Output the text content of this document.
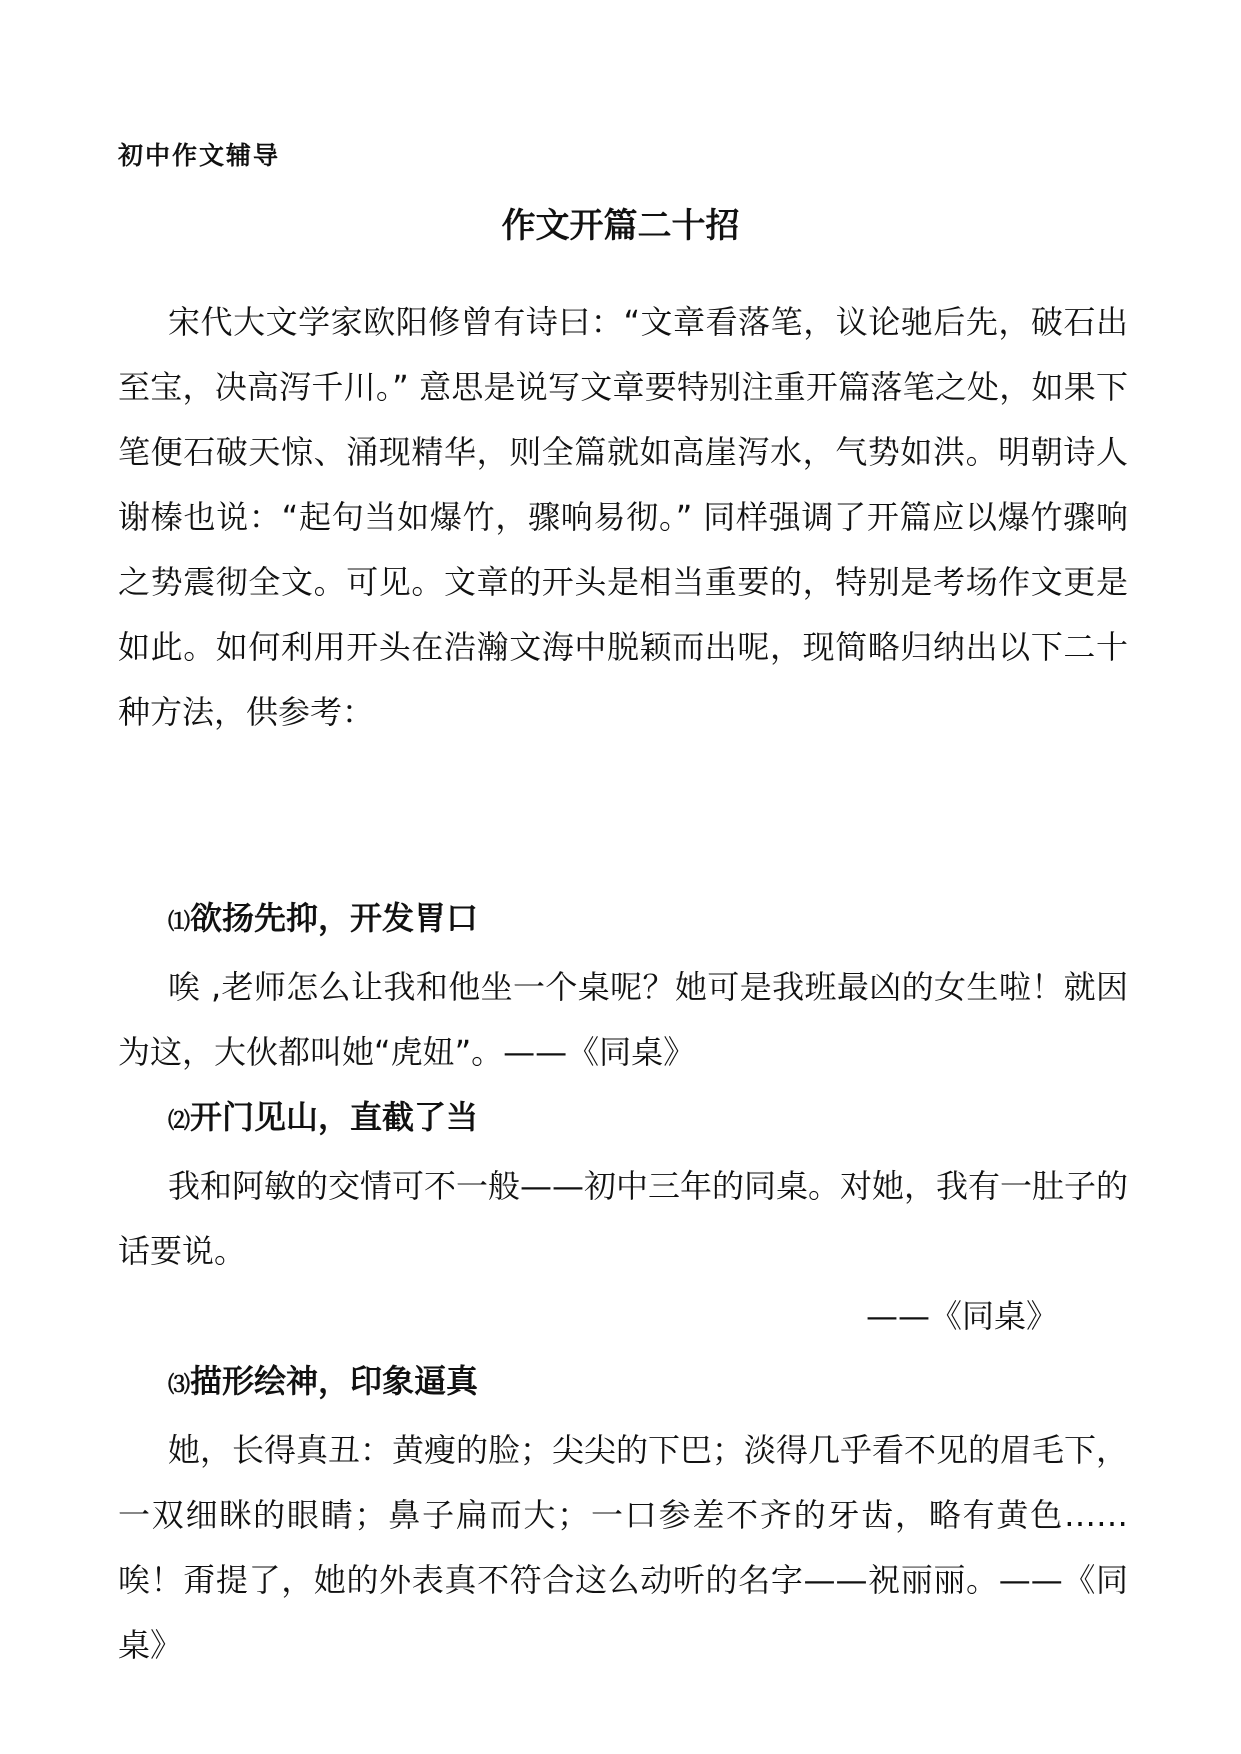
初中作文辅导
作文开篇二十招

宋代大文学家欧阳修曾有诗曰：“文章看落笔，议论驰后先，破石出至宝，决高泻千川。” 意思是说写文章要特别注重开篇落笔之处，如果下笔便石破天惊、涌现精华，则全篇就如高崖泻水，气势如洪。明朝诗人谢榛也说：“起句当如爆竹，骤响易彻。” 同样强调了开篇应以爆竹骤响之势震彻全文。可见。文章的开头是相当重要的，特别是考场作文更是如此。如何利用开头在浩瀚文海中脱颖而出呢，现简略归纳出以下二十种方法，供参考：

⑴欲扬先抑，开发胃口

唉 ,老师怎么让我和他坐一个桌呢？她可是我班最凶的女生啦！就因为这，大伙都叫她“虎妞”。——《同桌》

⑵开门见山，直截了当

我和阿敏的交情可不一般——初中三年的同桌。对她，我有一肚子的话要说。

——《同桌》

⑶描形绘神，印象逼真

她，长得真丑：黄瘦的脸；尖尖的下巴；淡得几乎看不见的眉毛下，一双细眯的眼睛；鼻子扁而大；一口参差不齐的牙齿，略有黄色……唉！甭提了，她的外表真不符合这么动听的名字——祝丽丽。——《同桌》
